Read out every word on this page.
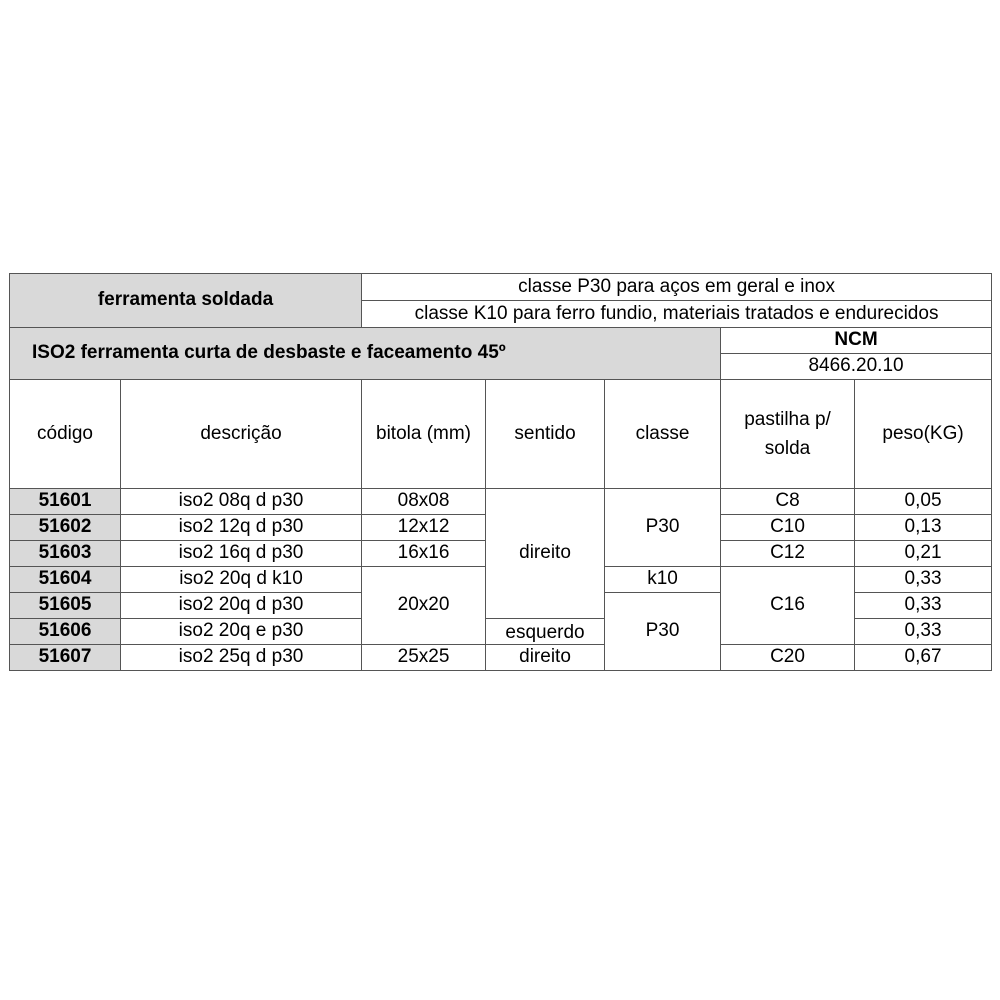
ferramenta soldada		classe P30 para aços em geral e inox				
		classe K10 para ferro fundio, materiais tratados e endurecidos				
ISO2 ferramenta curta de desbaste e faceamento 45º					NCM	
					8466.20.10	
código	descrição	bitola (mm)	sentido	classe	pastilha p/ solda	peso(KG)
51601	iso2 08q d p30	08x08	direito	P30	C8	0,05
51602	iso2 12q d p30	12x12			C10	0,13
51603	iso2 16q d p30	16x16			C12	0,21
51604	iso2 20q d k10	20x20		k10	C16	0,33
51605	iso2 20q d p30			P30		0,33
51606	iso2 20q e p30		esquerdo			0,33
51607	iso2 25q d p30	25x25	direito		C20	0,67
